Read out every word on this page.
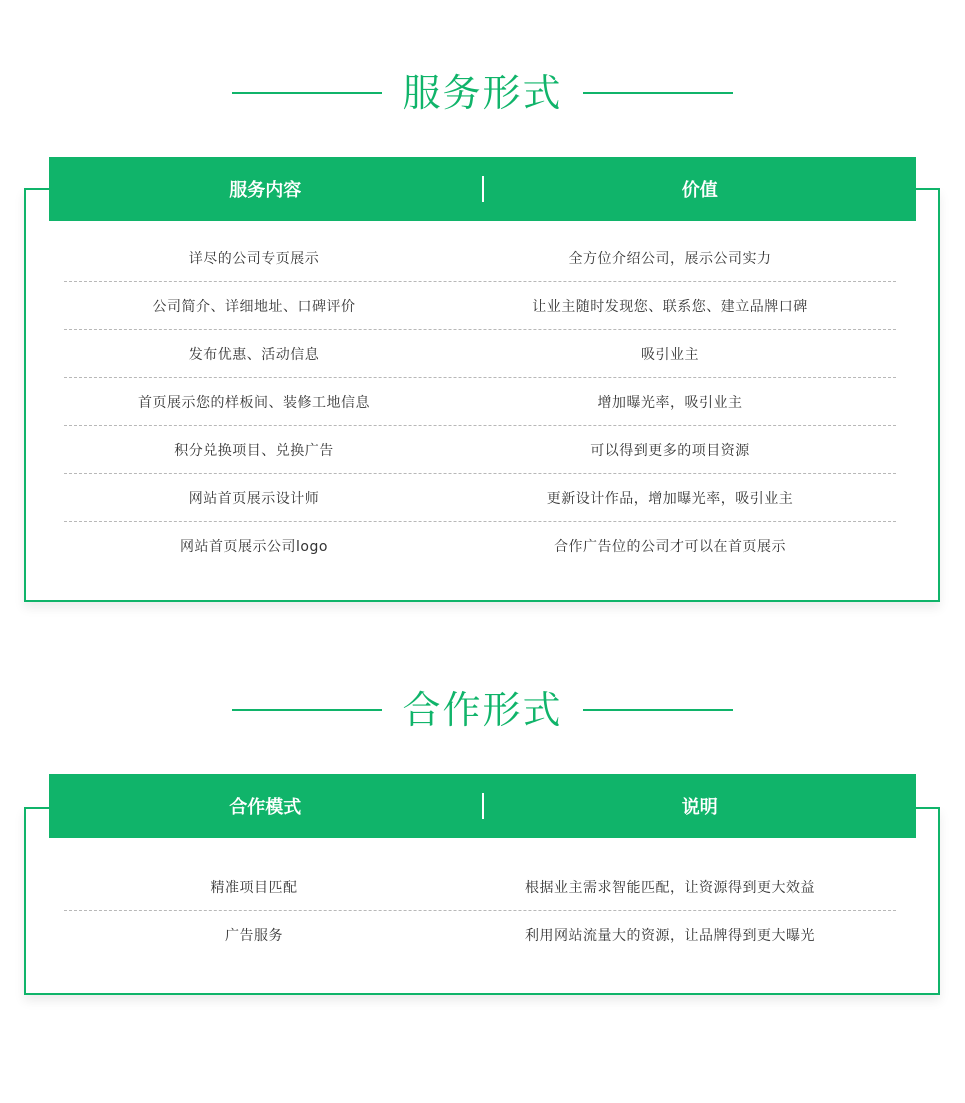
服务形式
服务内容	价值
详尽的公司专页展示	全方位介绍公司，展示公司实力
公司简介、详细地址、口碑评价	让业主随时发现您、联系您、建立品牌口碑
发布优惠、活动信息	吸引业主
首页展示您的样板间、装修工地信息	增加曝光率，吸引业主
积分兑换项目、兑换广告	可以得到更多的项目资源
网站首页展示设计师	更新设计作品，增加曝光率，吸引业主
网站首页展示公司logo	合作广告位的公司才可以在首页展示
合作形式
合作模式	说明
精准项目匹配	根据业主需求智能匹配，让资源得到更大效益
广告服务	利用网站流量大的资源，让品牌得到更大曝光
